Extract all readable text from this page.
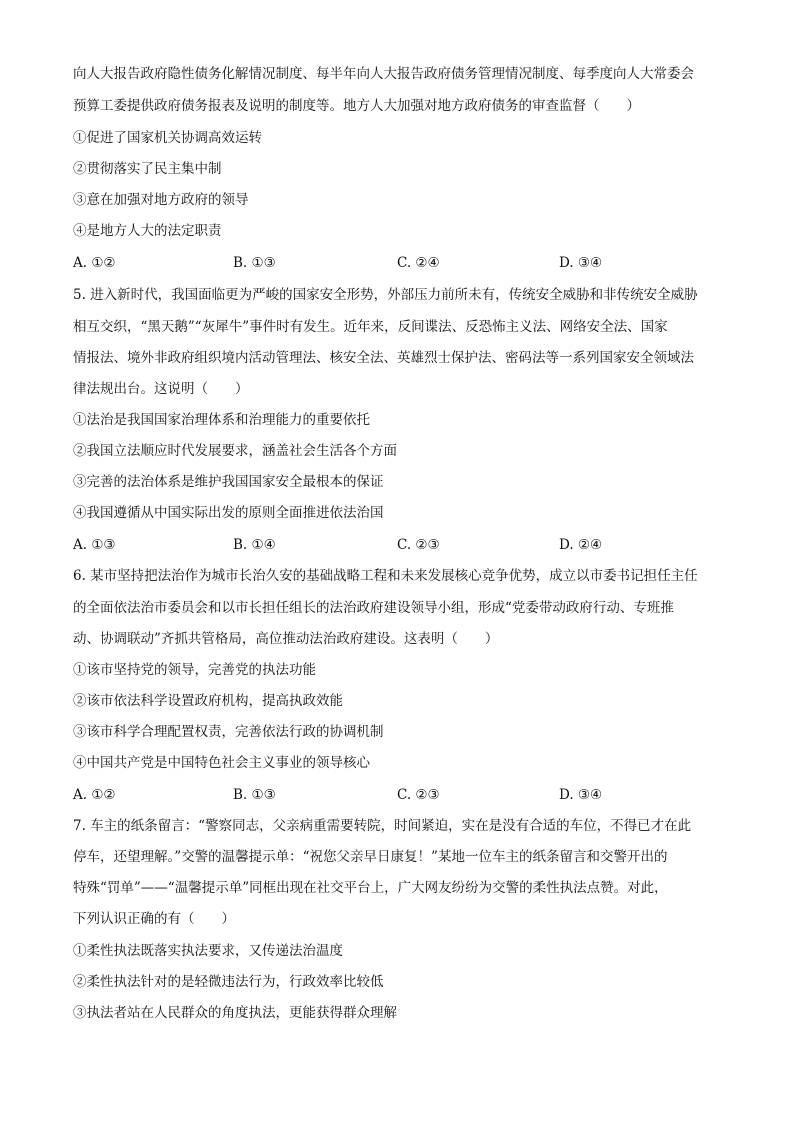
向人大报告政府隐性债务化解情况制度、每半年向人大报告政府债务管理情况制度、每季度向人大常委会
预算工委提供政府债务报表及说明的制度等。地方人大加强对地方政府债务的审查监督（　　）
①促进了国家机关协调高效运转
②贯彻落实了民主集中制
③意在加强对地方政府的领导
④是地方人大的法定职责
A. ①②	B. ①③	C. ②④	D. ③④
5. 进入新时代，我国面临更为严峻的国家安全形势，外部压力前所未有，传统安全威胁和非传统安全威胁
相互交织，“黑天鹅”“灰犀牛”事件时有发生。近年来，反间谍法、反恐怖主义法、网络安全法、国家
情报法、境外非政府组织境内活动管理法、核安全法、英雄烈士保护法、密码法等一系列国家安全领域法
律法规出台。这说明（　　）
①法治是我国国家治理体系和治理能力的重要依托
②我国立法顺应时代发展要求，涵盖社会生活各个方面
③完善的法治体系是维护我国国家安全最根本的保证
④我国遵循从中国实际出发的原则全面推进依法治国
A. ①③	B. ①④	C. ②③	D. ②④
6. 某市坚持把法治作为城市长治久安的基础战略工程和未来发展核心竞争优势，成立以市委书记担任主任
的全面依法治市委员会和以市长担任组长的法治政府建设领导小组，形成“党委带动政府行动、专班推
动、协调联动”齐抓共管格局，高位推动法治政府建设。这表明（　　）
①该市坚持党的领导，完善党的执法功能
②该市依法科学设置政府机构，提高执政效能
③该市科学合理配置权责，完善依法行政的协调机制
④中国共产党是中国特色社会主义事业的领导核心
A. ①②	B. ①③	C. ②③	D. ③④
7. 车主的纸条留言：“警察同志，父亲病重需要转院，时间紧迫，实在是没有合适的车位，不得已才在此
停车，还望理解。”交警的温馨提示单：“祝您父亲早日康复！”某地一位车主的纸条留言和交警开出的
特殊“罚单”——“温馨提示单”同框出现在社交平台上，广大网友纷纷为交警的柔性执法点赞。对此，
下列认识正确的有（　　）
①柔性执法既落实执法要求，又传递法治温度
②柔性执法针对的是轻微违法行为，行政效率比较低
③执法者站在人民群众的角度执法，更能获得群众理解
